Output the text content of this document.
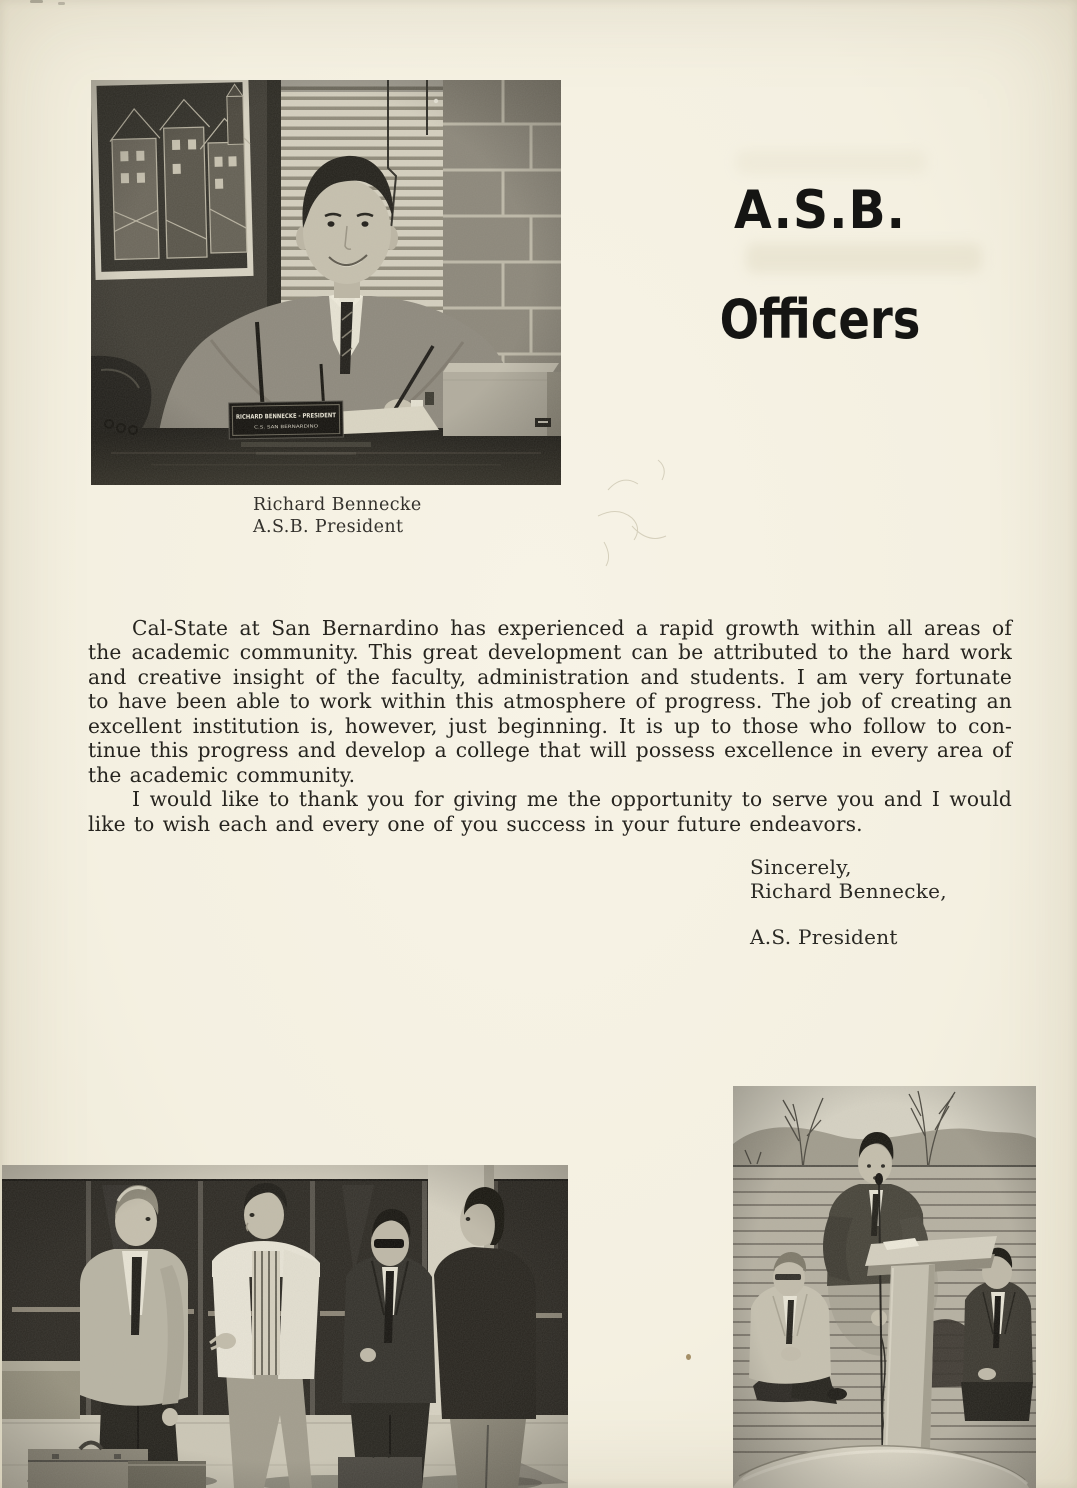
A.S.B.
Officers
Richard Bennecke
A.S.B. President
Cal-State at San Bernardino has experienced a rapid growth within all areas of
the academic community. This great development can be attributed to the hard work
and creative insight of the faculty, administration and students. I am very fortunate
to have been able to work within this atmosphere of progress. The job of creating an
excellent institution is, however, just beginning. It is up to those who follow to con-
tinue this progress and develop a college that will possess excellence in every area of
the academic community.
I would like to thank you for giving me the opportunity to serve you and I would
like to wish each and every one of you success in your future endeavors.
Sincerely,
Richard Bennecke,
A.S. President
